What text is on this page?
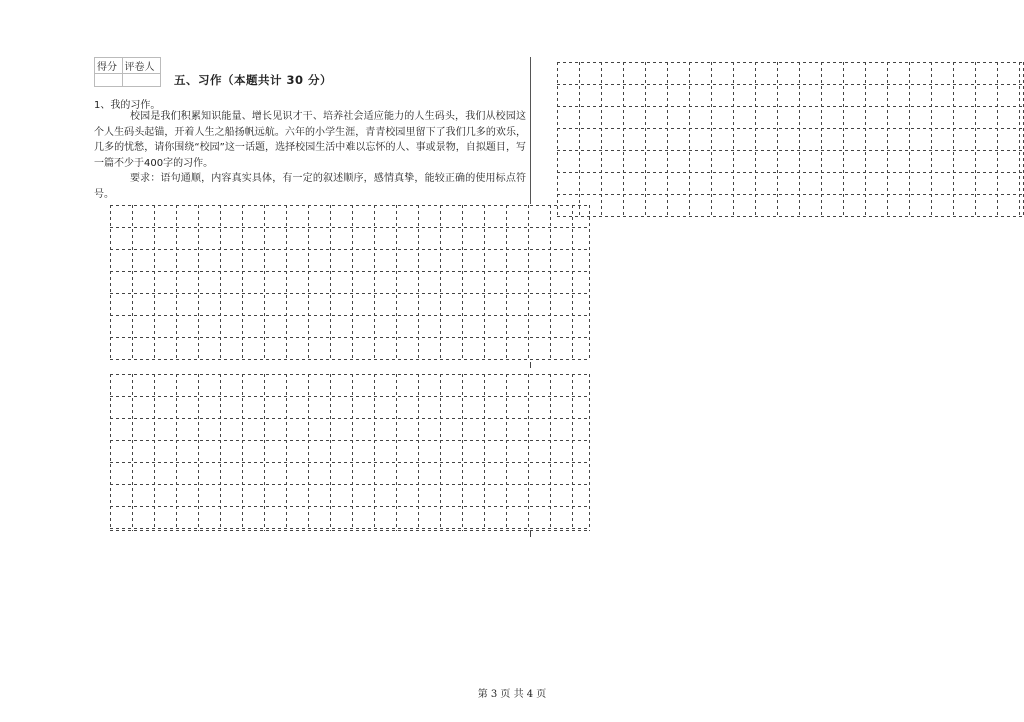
得分	评卷人

五、习作（本题共计 30 分）
1、我的习作。

校园是我们积累知识能量、增长见识才干、培养社会适应能力的人生码头，我们从校园这个人生码头起锚，开着人生之船扬帆远航。六年的小学生涯，青青校园里留下了我们几多的欢乐，几多的忧愁，请你围绕“校园”这一话题，选择校园生活中难以忘怀的人、事或景物，自拟题目，写一篇不少于400字的习作。

要求：语句通顺，内容真实具体，有一定的叙述顺序，感情真挚，能较正确的使用标点符号。

第 3 页 共 4 页
